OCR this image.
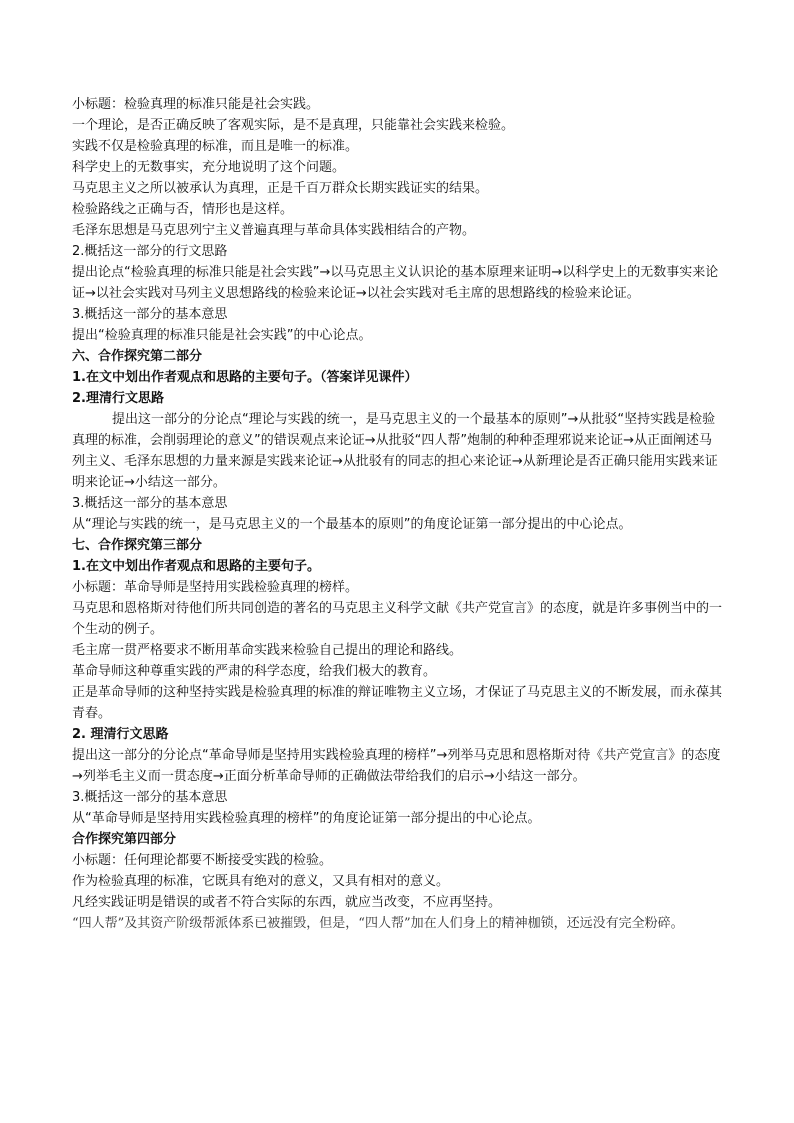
小标题：检验真理的标准只能是社会实践。

一个理论，是否正确反映了客观实际，是不是真理，只能靠社会实践来检验。

实践不仅是检验真理的标准，而且是唯一的标准。

科学史上的无数事实，充分地说明了这个问题。

马克思主义之所以被承认为真理，正是千百万群众长期实践证实的结果。

检验路线之正确与否，情形也是这样。

毛泽东思想是马克思列宁主义普遍真理与革命具体实践相结合的产物。

2.概括这一部分的行文思路

提出论点“检验真理的标准只能是社会实践”→以马克思主义认识论的基本原理来证明→以科学史上的无数事实来论证→以社会实践对马列主义思想路线的检验来论证→以社会实践对毛主席的思想路线的检验来论证。

3.概括这一部分的基本意思

提出“检验真理的标准只能是社会实践”的中心论点。

六、合作探究第二部分

1.在文中划出作者观点和思路的主要句子。（答案详见课件）

2.理清行文思路

提出这一部分的分论点“理论与实践的统一，是马克思主义的一个最基本的原则”→从批驳“坚持实践是检验真理的标准，会削弱理论的意义”的错误观点来论证→从批驳“四人帮”炮制的种种歪理邪说来论证→从正面阐述马列主义、毛泽东思想的力量来源是实践来论证→从批驳有的同志的担心来论证→从新理论是否正确只能用实践来证明来论证→小结这一部分。

3.概括这一部分的基本意思

从“理论与实践的统一，是马克思主义的一个最基本的原则”的角度论证第一部分提出的中心论点。

七、合作探究第三部分

1.在文中划出作者观点和思路的主要句子。

小标题：革命导师是坚持用实践检验真理的榜样。

马克思和恩格斯对待他们所共同创造的著名的马克思主义科学文献《共产党宣言》的态度，就是许多事例当中的一个生动的例子。

毛主席一贯严格要求不断用革命实践来检验自己提出的理论和路线。

革命导师这种尊重实践的严肃的科学态度，给我们极大的教育。

正是革命导师的这种坚持实践是检验真理的标准的辩证唯物主义立场，才保证了马克思主义的不断发展，而永葆其青春。

2. 理清行文思路

提出这一部分的分论点“革命导师是坚持用实践检验真理的榜样”→列举马克思和恩格斯对待《共产党宣言》的态度→列举毛主义而一贯态度→正面分析革命导师的正确做法带给我们的启示→小结这一部分。

3.概括这一部分的基本意思

从“革命导师是坚持用实践检验真理的榜样”的角度论证第一部分提出的中心论点。

合作探究第四部分

小标题：任何理论都要不断接受实践的检验。

作为检验真理的标准，它既具有绝对的意义，又具有相对的意义。

凡经实践证明是错误的或者不符合实际的东西，就应当改变，不应再坚持。

“四人帮”及其资产阶级帮派体系已被摧毁，但是，“四人帮”加在人们身上的精神枷锁，还远没有完全粉碎。
